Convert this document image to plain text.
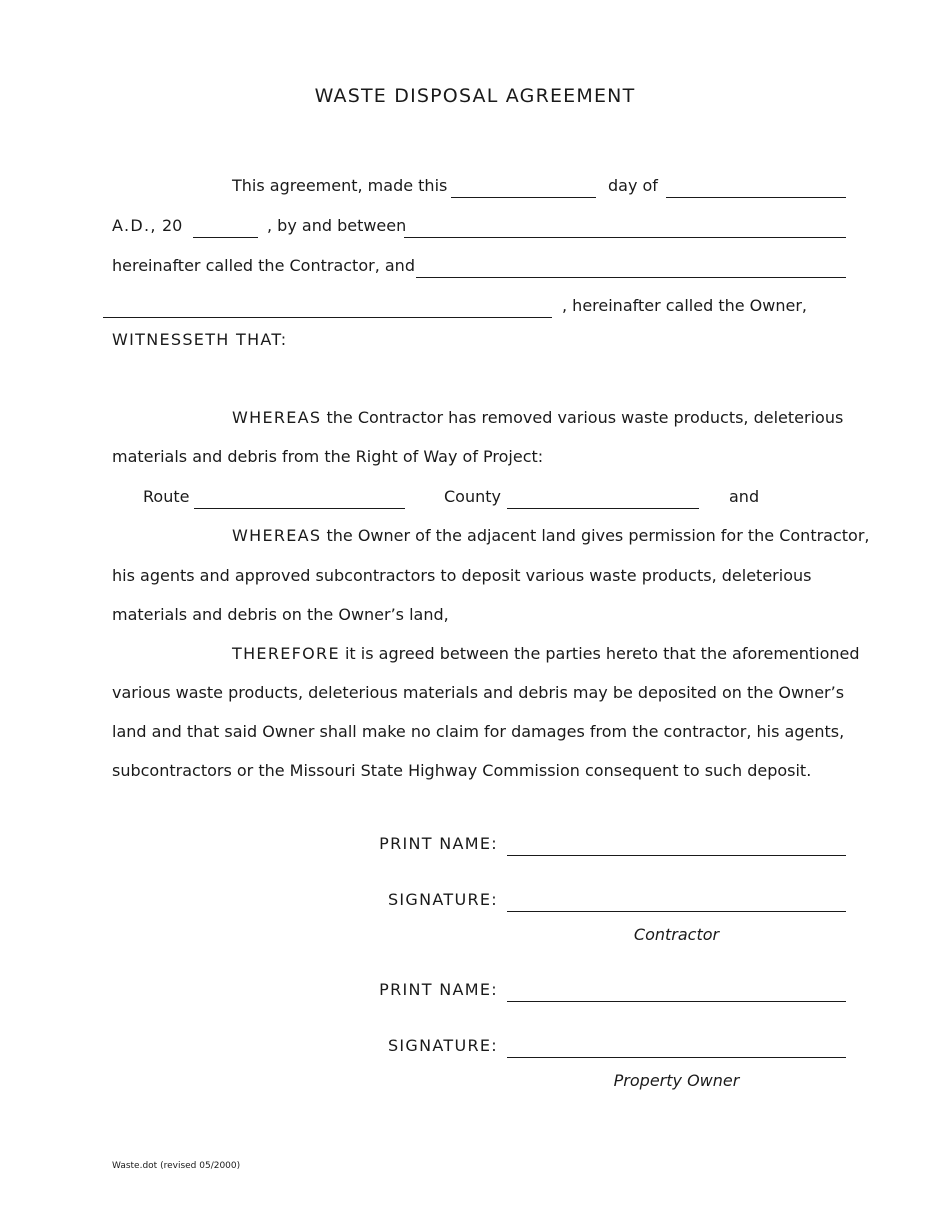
WASTE DISPOSAL AGREEMENT
This agreement, made this	day of
A.D., 20	, by and between
hereinafter called the Contractor, and
, hereinafter called the Owner,
WITNESSETH THAT:
WHEREAS the Contractor has removed various waste products, deleterious
materials and debris from the Right of Way of Project:
Route	County	and
WHEREAS the Owner of the adjacent land gives permission for the Contractor,
his agents and approved subcontractors to deposit various waste products, deleterious
materials and debris on the Owner’s land,
THEREFORE it is agreed between the parties hereto that the aforementioned
various waste products, deleterious materials and debris may be deposited on the Owner’s
land and that said Owner shall make no claim for damages from the contractor, his agents,
subcontractors or the Missouri State Highway Commission consequent to such deposit.
PRINT NAME:
SIGNATURE:
Contractor
PRINT NAME:
SIGNATURE:
Property Owner
Waste.dot (revised 05/2000)
